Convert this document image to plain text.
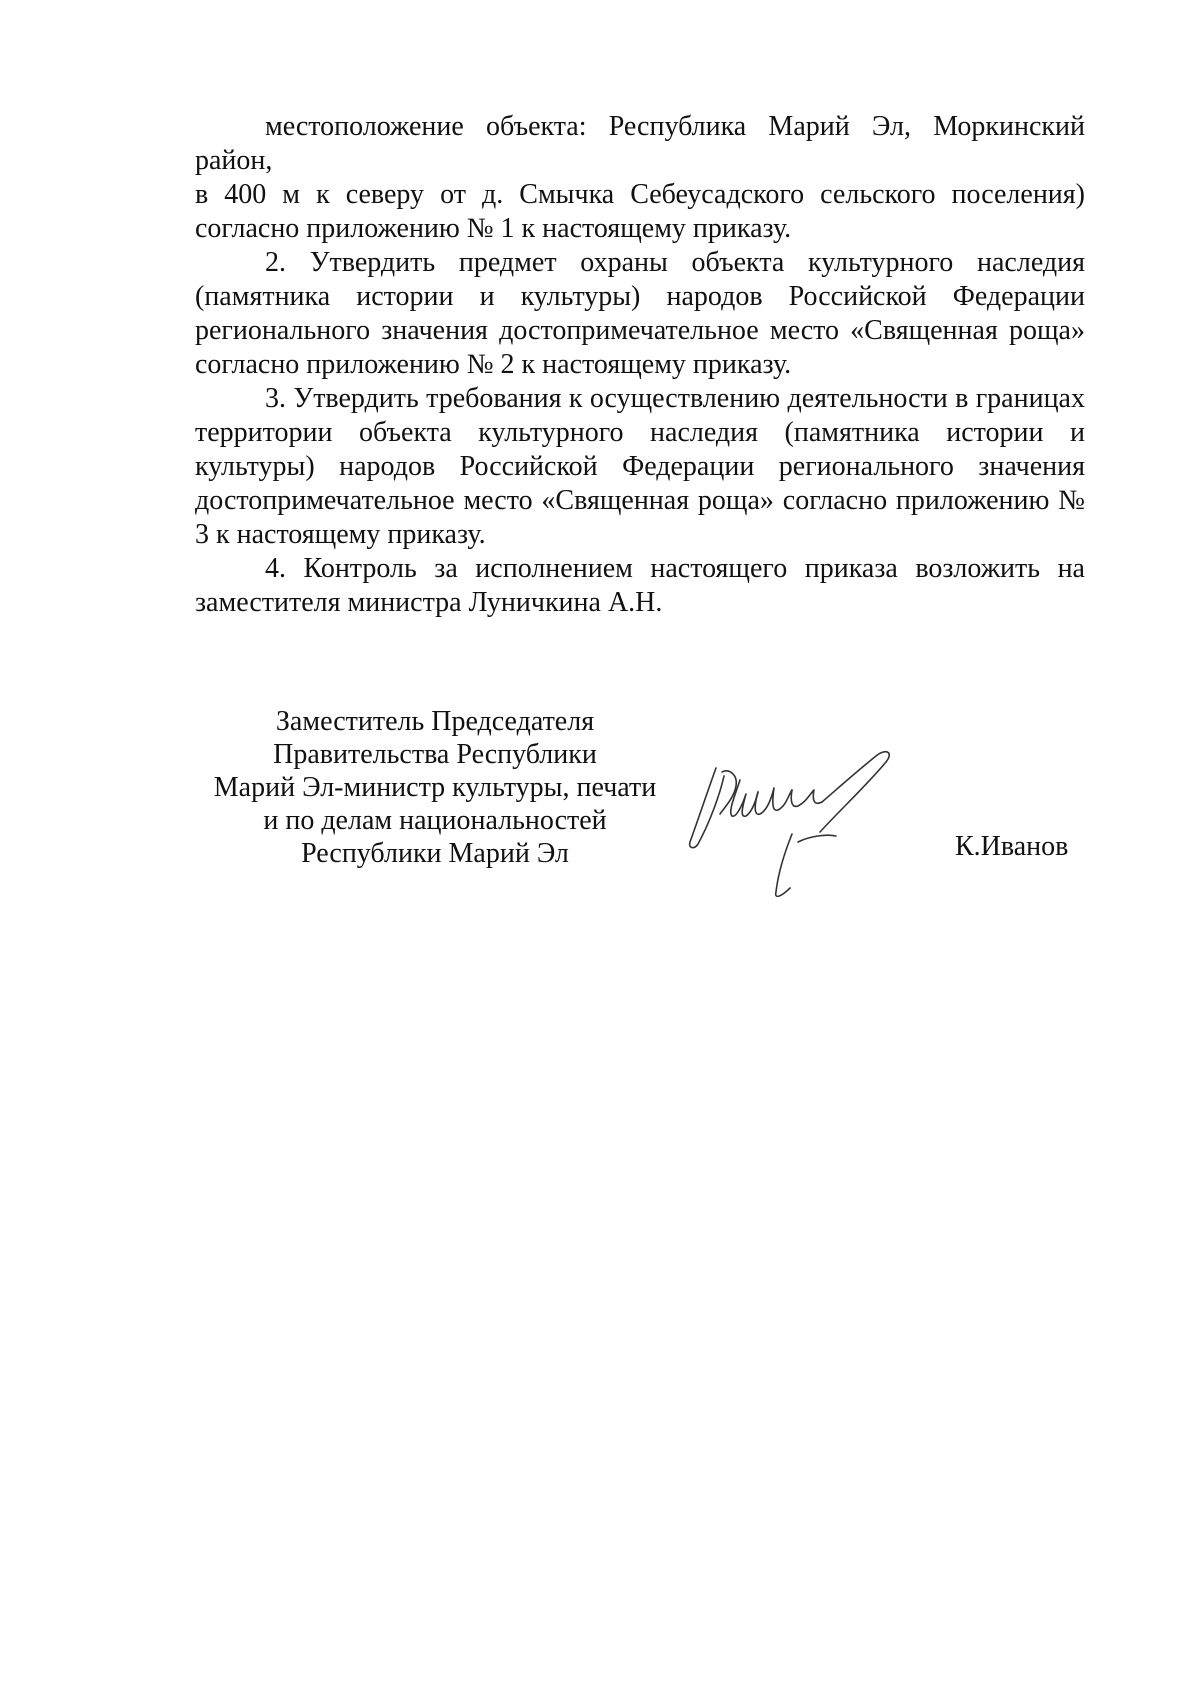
местоположение объекта: Республика Марий Эл, Моркинский район,

в 400 м к северу от д. Смычка Себеусадского сельского поселения) согласно приложению № 1 к настоящему приказу.

2. Утвердить предмет охраны объекта культурного наследия (памятника истории и культуры) народов Российской Федерации регионального значения достопримечательное место «Священная роща» согласно приложению № 2 к настоящему приказу.

3. Утвердить требования к осуществлению деятельности в границах территории объекта культурного наследия (памятника истории и культуры) народов Российской Федерации регионального значения достопримечательное место «Священная роща» согласно приложению № 3 к настоящему приказу.

4. Контроль за исполнением настоящего приказа возложить на заместителя министра Луничкина А.Н.

Заместитель Председателя
Правительства Республики
Марий Эл-министр культуры, печати
и по делам национальностей
Республики Марий Эл	К.Иванов
